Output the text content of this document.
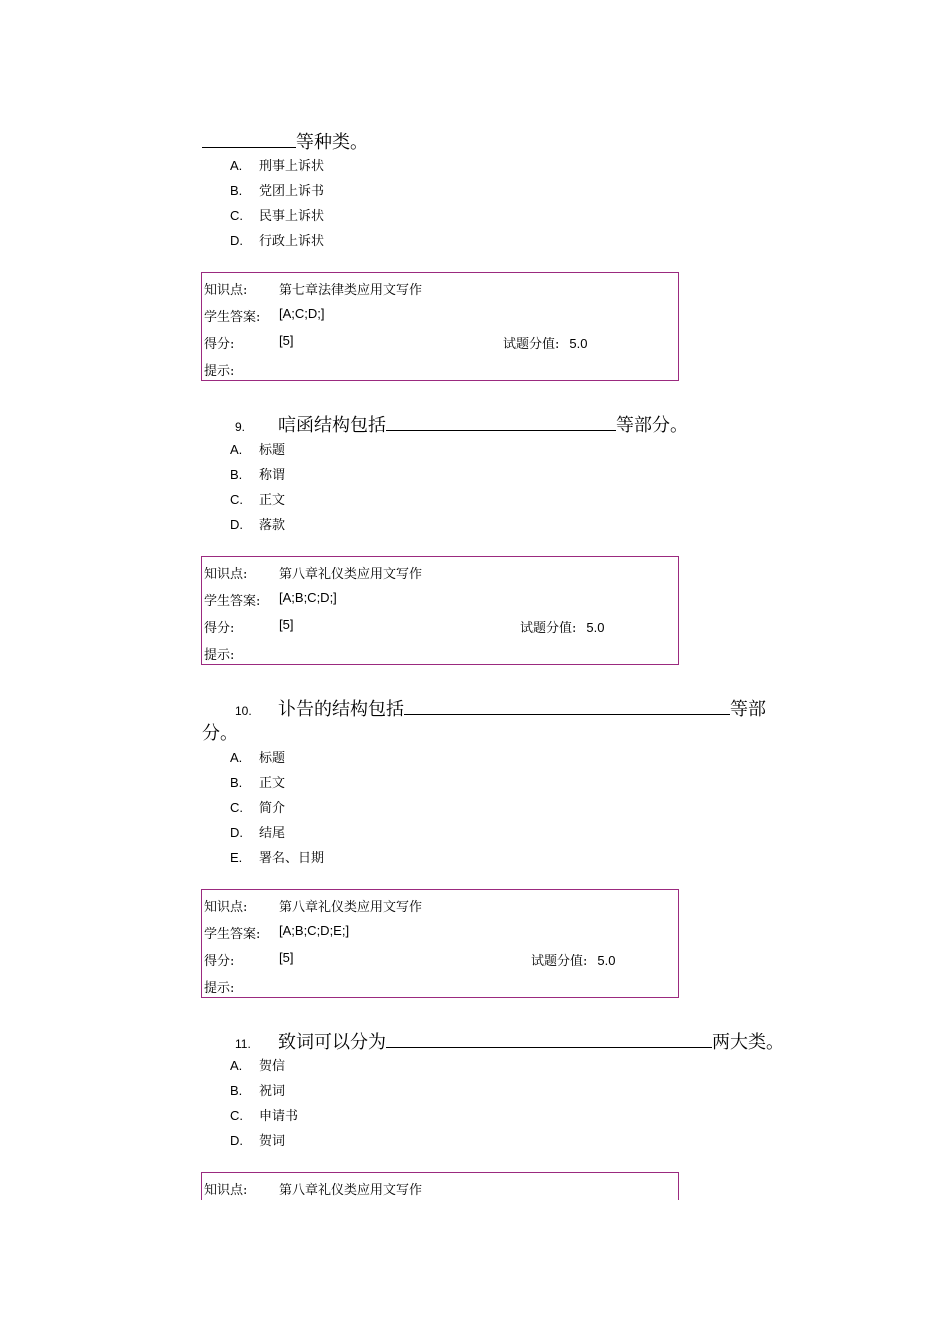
等种类。
A. 刑事上诉状
B. 党团上诉书
C. 民事上诉状
D. 行政上诉状
知识点: 第七章法律类应用文写作
学生答案: [A;C;D;]
得分:	[5]	试题分值: 5.0
提示:
9. 唁函结构包括	等部分。
A. 标题
B. 称谓
C. 正文
D. 落款
知识点: 第八章礼仪类应用文写作
学生答案: [A;B;C;D;]
得分:	[5]	试题分值: 5.0
提示:
10. 讣告的结构包括	等部
分。
A. 标题
B. 正文
C. 简介
D. 结尾
E. 署名、日期
知识点: 第八章礼仪类应用文写作
学生答案: [A;B;C;D;E;]
得分:	[5]	试题分值: 5.0
提示:
11. 致词可以分为	两大类。
A. 贺信
B. 祝词
C. 申请书
D. 贺词
知识点: 第八章礼仪类应用文写作
